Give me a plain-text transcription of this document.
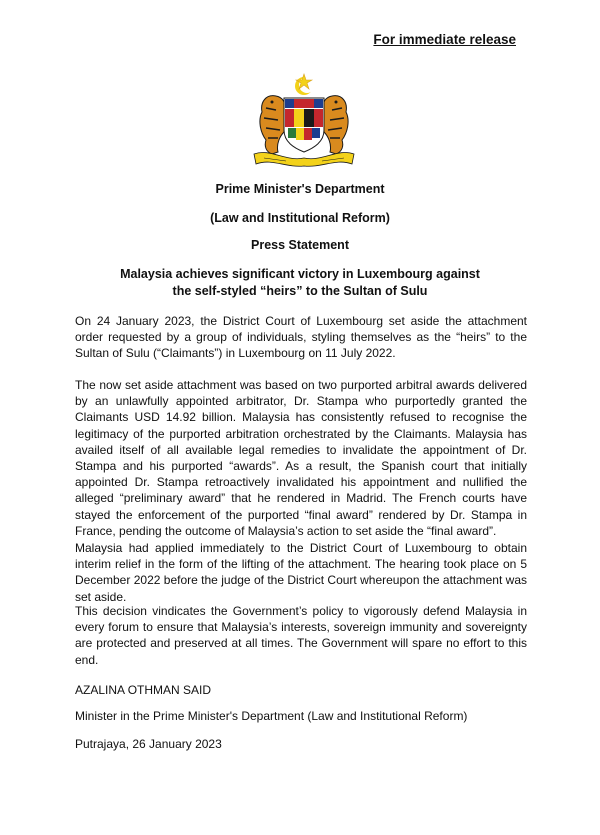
For immediate release
Prime Minister's Department
(Law and Institutional Reform)
Press Statement
Malaysia achieves significant victory in Luxembourg against
the self-styled “heirs” to the Sultan of Sulu

On 24 January 2023, the District Court of Luxembourg set aside the attachment order requested by a group of individuals, styling themselves as the “heirs” to the Sultan of Sulu (“Claimants”) in Luxembourg on 11 July 2022.

The now set aside attachment was based on two purported arbitral awards delivered by an unlawfully appointed arbitrator, Dr. Stampa who purportedly granted the Claimants USD 14.92 billion. Malaysia has consistently refused to recognise the legitimacy of the purported arbitration orchestrated by the Claimants. Malaysia has availed itself of all available legal remedies to invalidate the appointment of Dr. Stampa and his purported “awards”. As a result, the Spanish court that initially appointed Dr. Stampa retroactively invalidated his appointment and nullified the alleged “preliminary award” that he rendered in Madrid. The French courts have stayed the enforcement of the purported “final award” rendered by Dr. Stampa in France, pending the outcome of Malaysia’s action to set aside the “final award”.

Malaysia had applied immediately to the District Court of Luxembourg to obtain interim relief in the form of the lifting of the attachment. The hearing took place on 5 December 2022 before the judge of the District Court whereupon the attachment was set aside.

This decision vindicates the Government’s policy to vigorously defend Malaysia in every forum to ensure that Malaysia’s interests, sovereign immunity and sovereignty are protected and preserved at all times. The Government will spare no effort to this end.

AZALINA OTHMAN SAID

Minister in the Prime Minister's Department (Law and Institutional Reform)

Putrajaya, 26 January 2023
